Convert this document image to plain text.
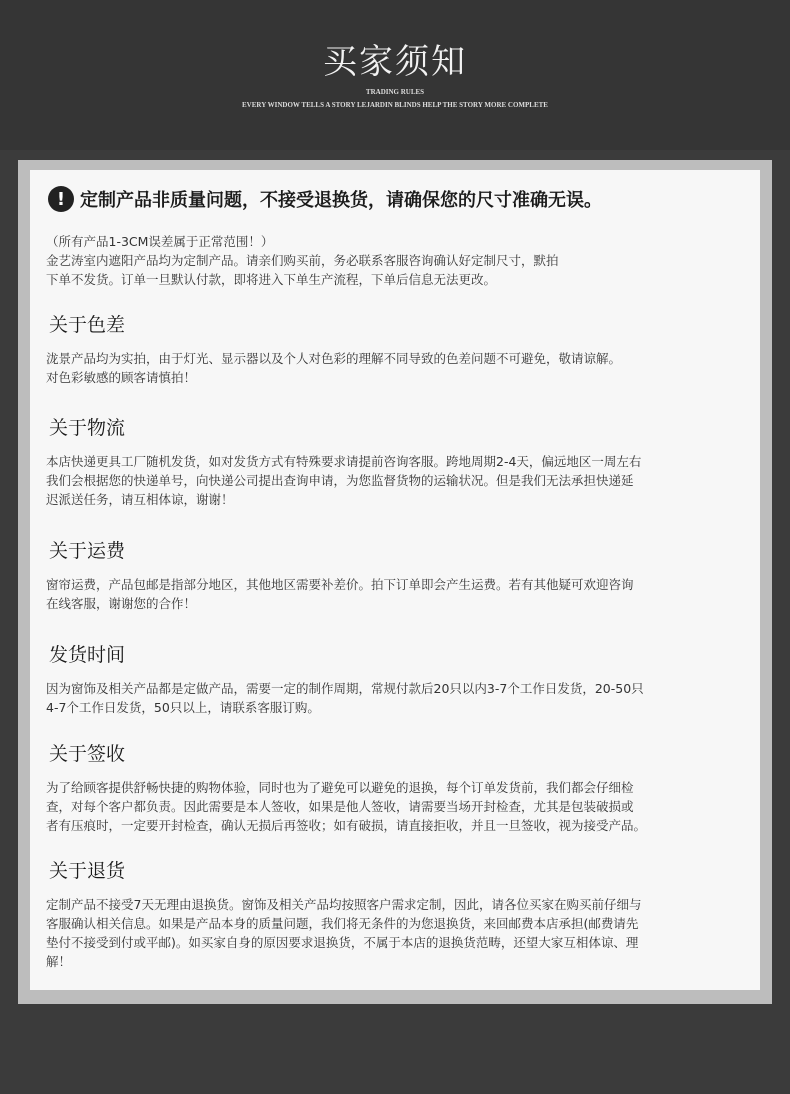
买家须知
TRADING RULES
EVERY WINDOW TELLS A STORY LEJARDIN BLINDS HELP THE STORY MORE COMPLETE
! 定制产品非质量问题，不接受退换货，请确保您的尺寸准确无误。
（所有产品1-3CM误差属于正常范围！）
金艺涛室内遮阳产品均为定制产品。请亲们购买前，务必联系客服咨询确认好定制尺寸，默拍
下单不发货。订单一旦默认付款，即将进入下单生产流程，下单后信息无法更改。
关于色差
泷景产品均为实拍，由于灯光、显示器以及个人对色彩的理解不同导致的色差问题不可避免，敬请谅解。
对色彩敏感的顾客请慎拍！
关于物流
本店快递更具工厂随机发货，如对发货方式有特殊要求请提前咨询客服。跨地周期2-4天，偏远地区一周左右
我们会根据您的快递单号，向快递公司提出查询申请，为您监督货物的运输状况。但是我们无法承担快递延
迟派送任务，请互相体谅，谢谢！
关于运费
窗帘运费，产品包邮是指部分地区，其他地区需要补差价。拍下订单即会产生运费。若有其他疑可欢迎咨询
在线客服，谢谢您的合作！
发货时间
因为窗饰及相关产品都是定做产品，需要一定的制作周期，常规付款后20只以内3-7个工作日发货，20-50只
4-7个工作日发货，50只以上，请联系客服订购。
关于签收
为了给顾客提供舒畅快捷的购物体验，同时也为了避免可以避免的退换，每个订单发货前，我们都会仔细检
查，对每个客户都负责。因此需要是本人签收，如果是他人签收，请需要当场开封检查，尤其是包装破损或
者有压痕时，一定要开封检查，确认无损后再签收；如有破损，请直接拒收，并且一旦签收，视为接受产品。
关于退货
定制产品不接受7天无理由退换货。窗饰及相关产品均按照客户需求定制，因此，请各位买家在购买前仔细与
客服确认相关信息。如果是产品本身的质量问题，我们将无条件的为您退换货，来回邮费本店承担(邮费请先
垫付不接受到付或平邮)。如买家自身的原因要求退换货，不属于本店的退换货范畴，还望大家互相体谅、理
解！
